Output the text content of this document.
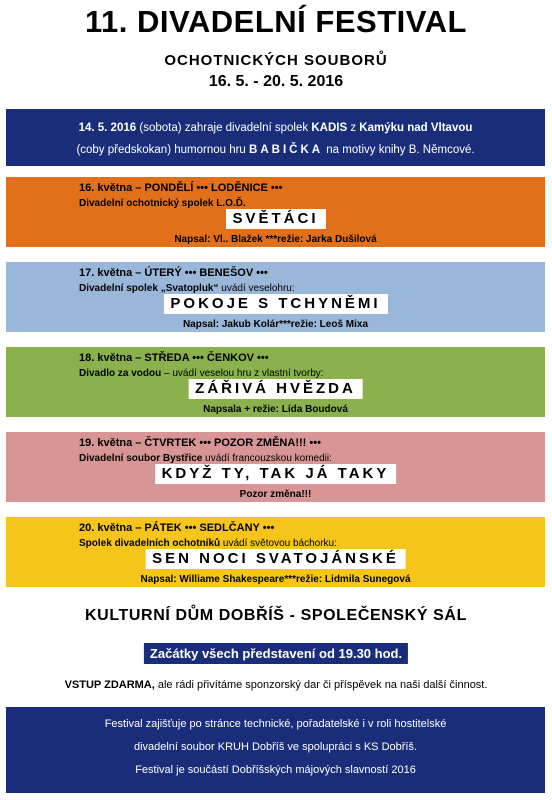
11. DIVADELNÍ FESTIVAL
OCHOTNICKÝCH SOUBORŮ
16. 5. - 20. 5. 2016
14. 5. 2016 (sobota) zahraje divadelní spolek KADIS z Kamýku nad Vltavou
(coby předskokan) humornou hru BABIČKA na motivy knihy B. Němcové.
16. května – PONDĚLÍ ••• LODĚNICE •••
Divadelní ochotnický spolek L.O.Ď.
SVĚTÁCI
Napsal: Vl.. Blažek ***režie: Jarka Dušilová
17. května – ÚTERÝ ••• BENEŠOV •••
Divadelní spolek „Svatopluk“ uvádí veselohru:
POKOJE S TCHYNĚMI
Napsal: Jakub Kolár***režie: Leoš Mixa
18. května – STŘEDA ••• ČENKOV •••
Divadlo za vodou – uvádí veselou hru z vlastní tvorby:
ZÁŘIVÁ HVĚZDA
Napsala + režie: Lída Boudová
19. května – ČTVRTEK ••• POZOR ZMĚNA!!! •••
Divadelní soubor Bystřice uvádí francouzskou komedii:
KDYŽ TY, TAK JÁ TAKY
Pozor změna!!!
20. května – PÁTEK ••• SEDLČANY •••
Spolek divadelních ochotníků uvádí světovou báchorku:
SEN NOCI SVATOJÁNSKÉ
Napsal: Williame Shakespeare***režie: Lidmila Sunegová
KULTURNÍ DŮM DOBŘÍŠ - SPOLEČENSKÝ SÁL
Začátky všech představení od 19.30 hod.
VSTUP ZDARMA, ale rádi přivítáme sponzorský dar či příspěvek na naši další činnost.
Festival zajišťuje po stránce technické, pořadatelské i v roli hostitelské
divadelní soubor KRUH Dobříš ve spolupráci s KS Dobříš.
Festival je součástí Dobříšských májových slavností 2016
